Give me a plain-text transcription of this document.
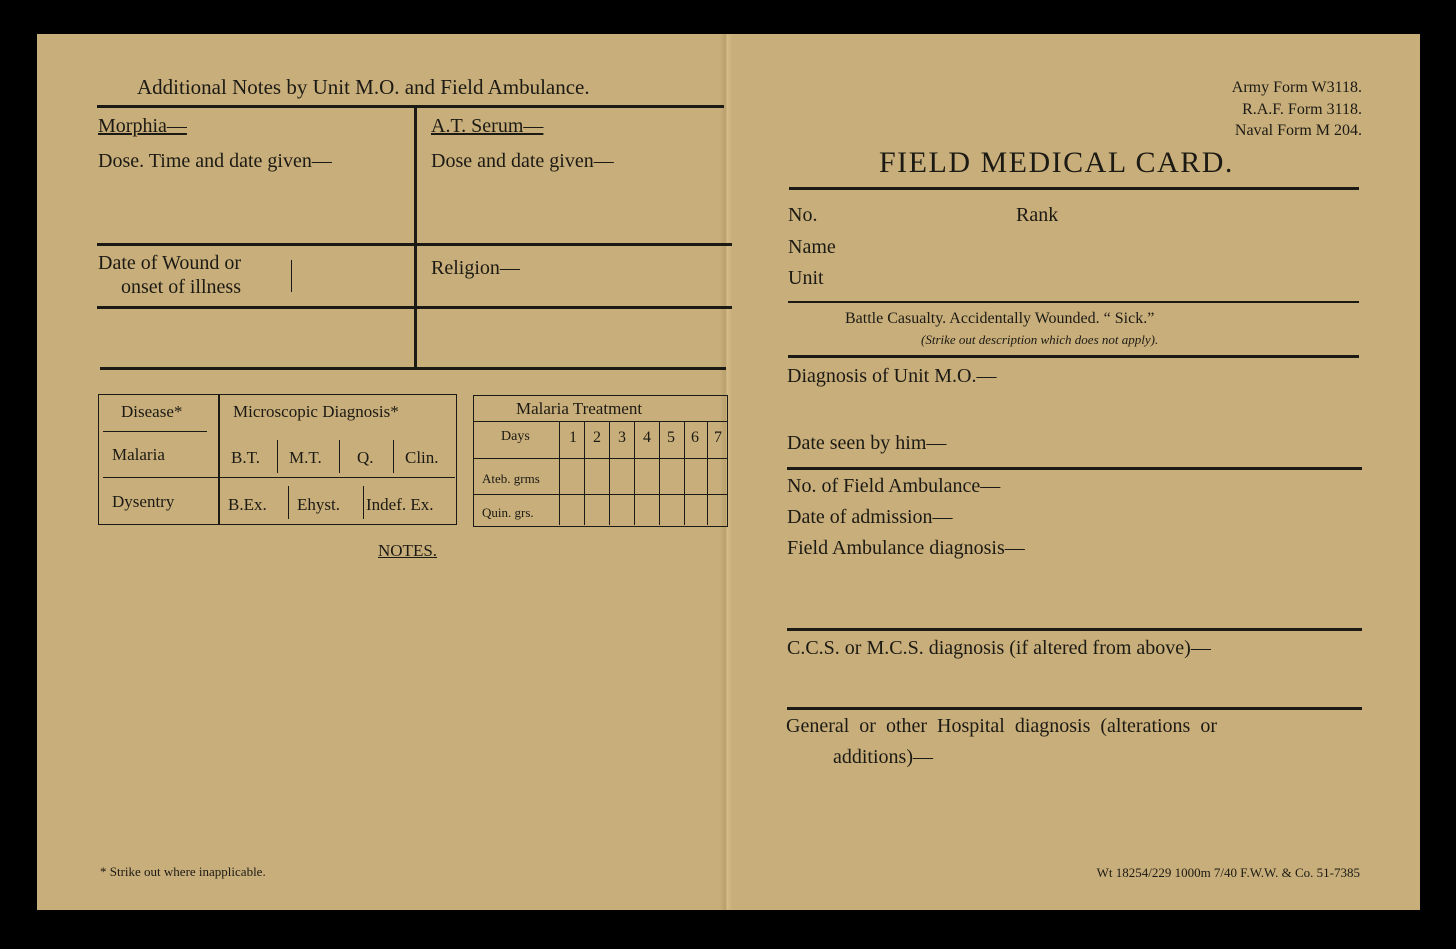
Additional Notes by Unit M.O. and Field Ambulance.
Morphia—
Dose. Time and date given—
A.T. Serum—
Dose and date given—
Date of Wound or
onset of illness
Religion—
Disease*	Microscopic Diagnosis*
Malaria	B.T. M.T. Q. Clin.
Dysentry	B.Ex. Ehyst. Indef. Ex.
Malaria Treatment
Days 1 2 3 4 5 6 7
Ateb. grms
Quin. grs.
NOTES.
* Strike out where inapplicable.
Army Form W3118.
R.A.F. Form 3118.
Naval Form M 204.
FIELD MEDICAL CARD.
No.	Rank
Name
Unit
Battle Casualty. Accidentally Wounded. “ Sick.”
(Strike out description which does not apply).
Diagnosis of Unit M.O.—
Date seen by him—
No. of Field Ambulance—
Date of admission—
Field Ambulance diagnosis—
C.C.S. or M.C.S. diagnosis (if altered from above)—
General  or  other  Hospital  diagnosis  (alterations  or
additions)—
Wt 18254/229 1000m 7/40 F.W.W. & Co. 51-7385
